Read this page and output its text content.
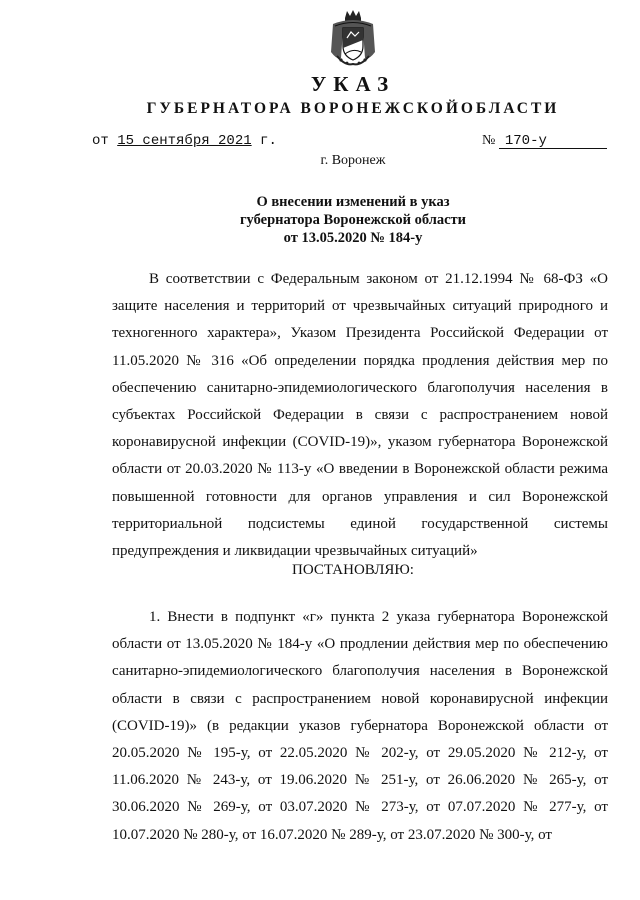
УКАЗ
ГУБЕРНАТОРА ВОРОНЕЖСКОЙОБЛАСТИ
от 15 сентября 2021 г.	№ 170-у
г. Воронеж
О внесении изменений в указ
губернатора Воронежской области
от 13.05.2020 № 184-у

В соответствии с Федеральным законом от 21.12.1994 № 68-ФЗ «О защите населения и территорий от чрезвычайных ситуаций природного и техногенного характера», Указом Президента Российской Федерации от 11.05.2020 № 316 «Об определении порядка продления действия мер по обеспечению санитарно-эпидемиологического благополучия населения в субъектах Российской Федерации в связи с распространением новой коронавирусной инфекции (COVID-19)», указом губернатора Воронежской области от 20.03.2020 № 113-у «О введении в Воронежской области режима повышенной готовности для органов управления и сил Воронежской территориальной подсистемы единой государственной системы предупреждения и ликвидации чрезвычайных ситуаций»

ПОСТАНОВЛЯЮ:

1. Внести в подпункт «г» пункта 2 указа губернатора Воронежской области от 13.05.2020 № 184-у «О продлении действия мер по обеспечению санитарно-эпидемиологического благополучия населения в Воронежской области в связи с распространением новой коронавирусной инфекции (COVID-19)» (в редакции указов губернатора Воронежской области от 20.05.2020 № 195-у, от 22.05.2020 № 202-у, от 29.05.2020 № 212-у, от 11.06.2020 № 243-у, от 19.06.2020 № 251-у, от 26.06.2020 № 265-у, от 30.06.2020 № 269-у, от 03.07.2020 № 273-у, от 07.07.2020 № 277-у, от 10.07.2020 № 280-у, от 16.07.2020 № 289-у, от 23.07.2020 № 300-у, от
